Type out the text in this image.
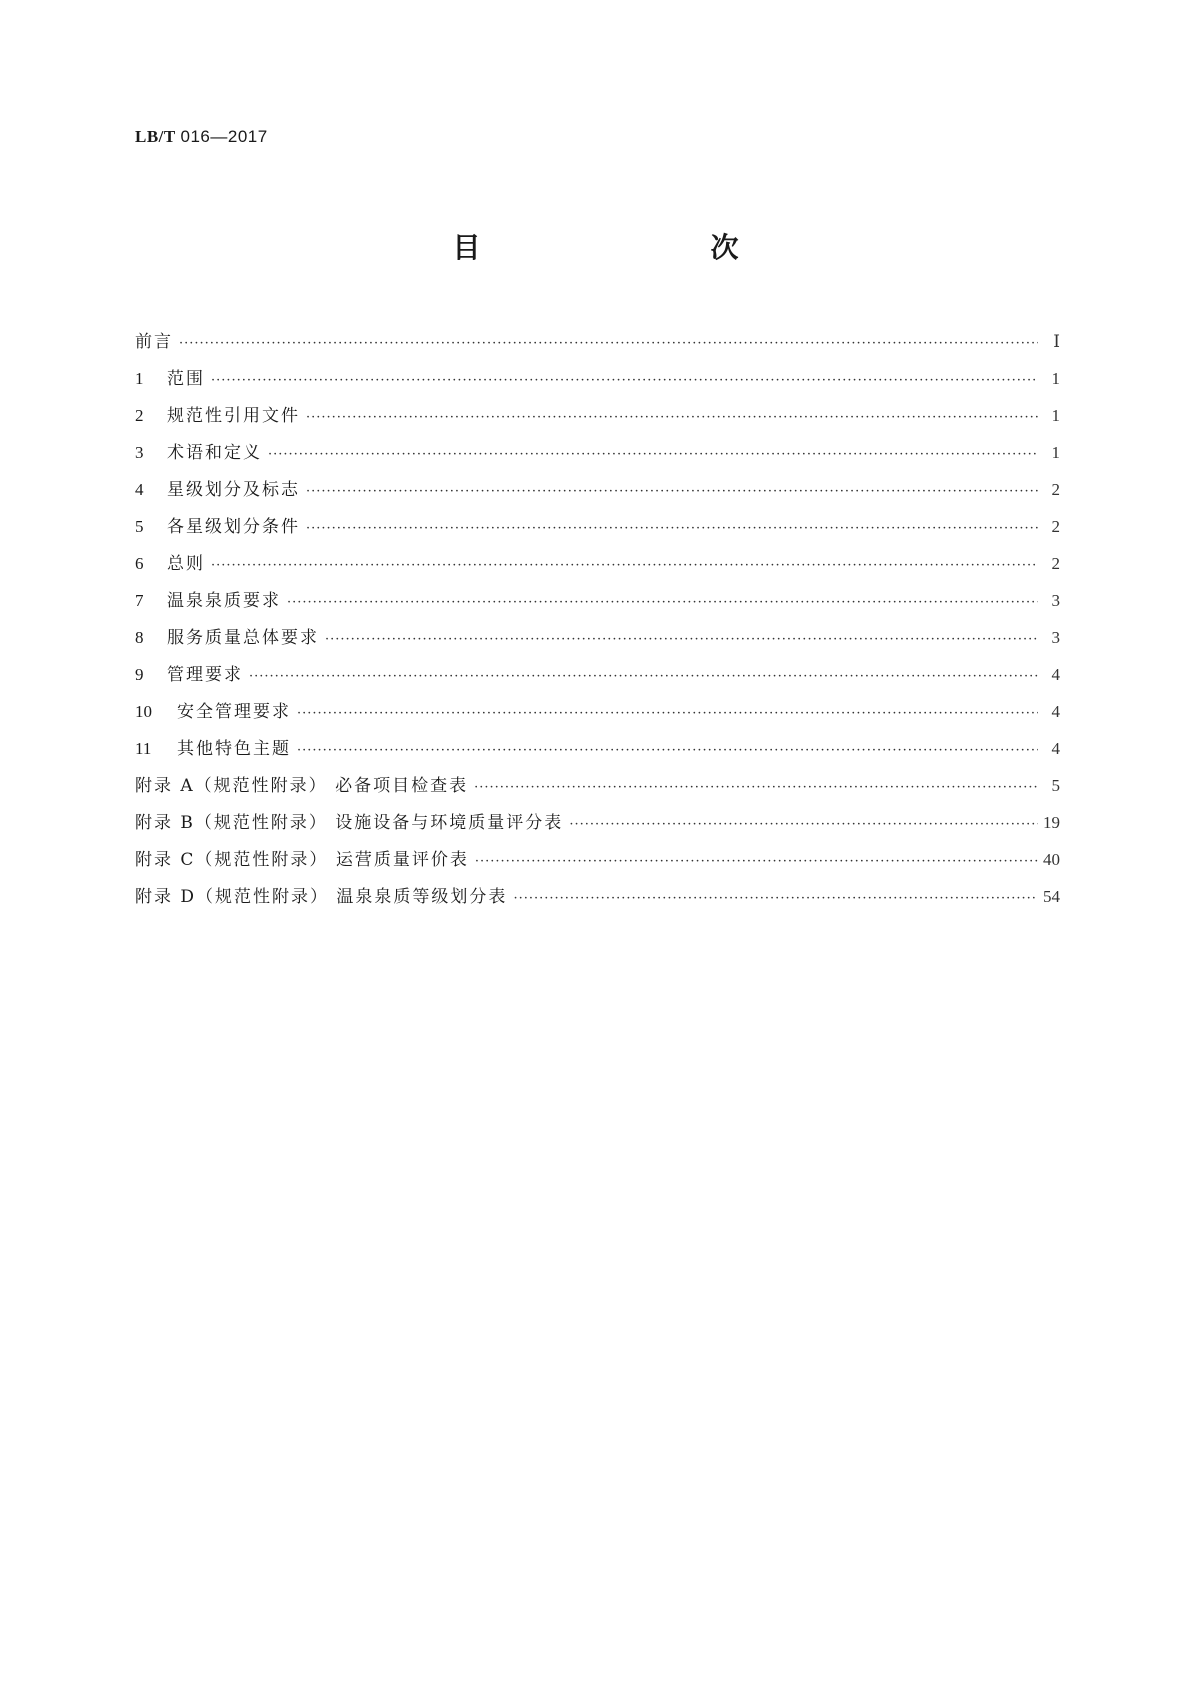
LB/T 016—2017
目　　次
前言 ·····	Ⅰ
1	范围 ·····	1
2	规范性引用文件 ·····	1
3	术语和定义 ·····	1
4	星级划分及标志 ·····	2
5	各星级划分条件 ·····	2
6	总则 ·····	2
7	温泉泉质要求 ·····	3
8	服务质量总体要求 ·····	3
9	管理要求 ·····	4
10	安全管理要求 ·····	4
11	其他特色主题 ·····	4
附录 A（规范性附录） 必备项目检查表 ·····	5
附录 B（规范性附录） 设施设备与环境质量评分表 ·····	19
附录 C（规范性附录） 运营质量评价表 ·····	40
附录 D（规范性附录） 温泉泉质等级划分表 ·····	54
